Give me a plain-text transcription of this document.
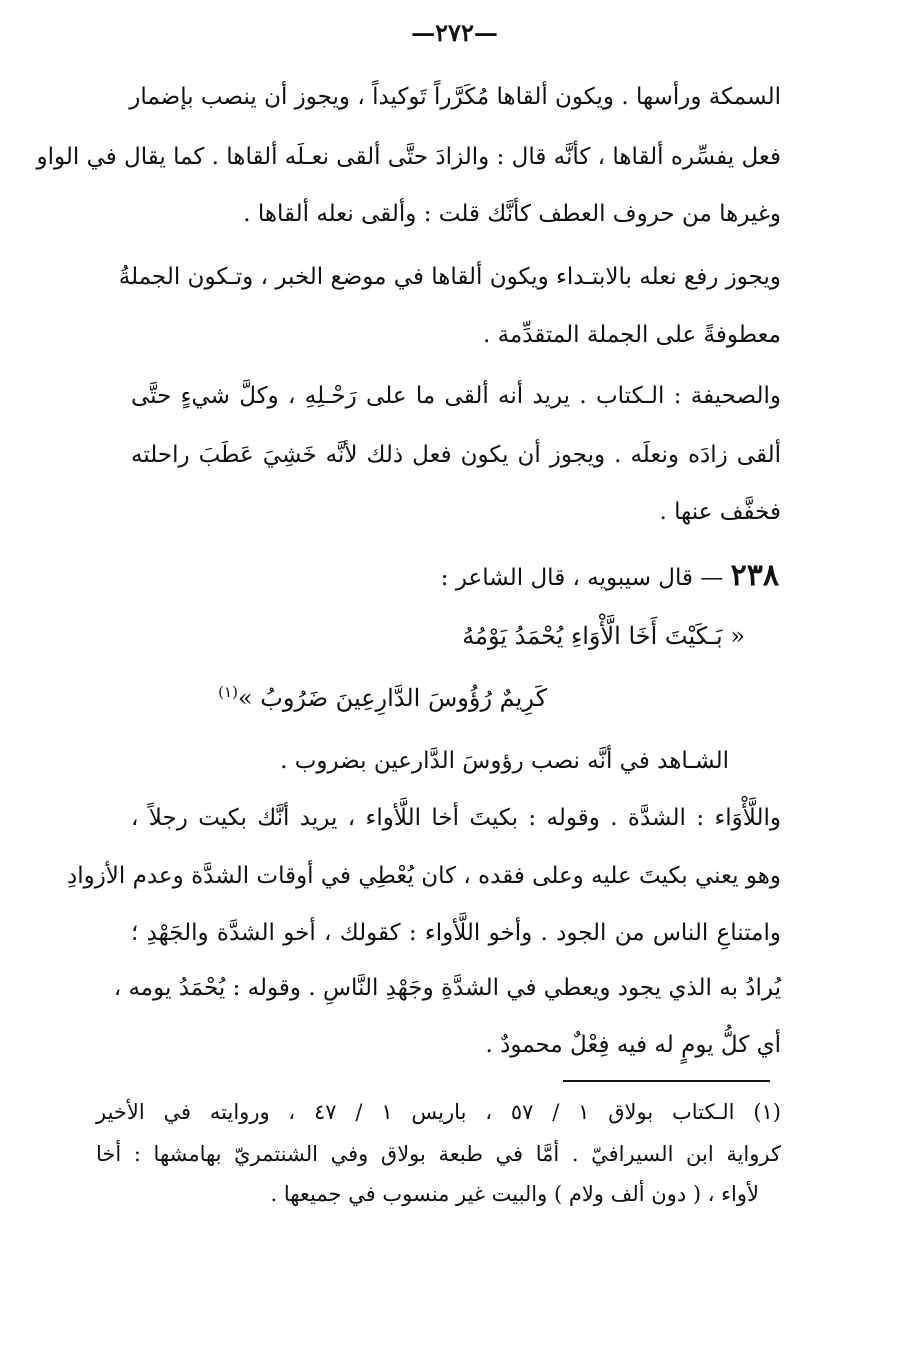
—٢٧٢—
السمكة ورأسها . ويكون ألقاها مُكَرَّراً تَوكيداً ، ويجوز أن ينصب بإضمار
فعل يفسِّره ألقاها ، كأنَّه قال : والزادَ حتَّى ألقى نعـلَه ألقاها . كما يقال في الواو
وغيرها من حروف العطف كأنَّك قلت : وألقى نعله ألقاها .
ويجوز رفع نعله بالابتـداء ويكون ألقاها في موضع الخبر ، وتـكون الجملةُ
معطوفةً على الجملة المتقدِّمة .
والصحيفة : الـكتاب . يريد أنه ألقى ما على رَحْـلِهِ ، وكلَّ شيءٍ حتَّى
ألقى زادَه ونعلَه . ويجوز أن يكون فعل ذلك لأنَّه خَشِيَ عَطَبَ راحلته
فخفَّف عنها .
٢٣٨ — قال سيبويه ، قال الشاعر :
« بَـكَيْتَ أَخَا الَّأْوَاءِ يُحْمَدُ يَوْمُهُ
كَرِيمٌ رُؤُوسَ الدَّارِعِينَ ضَرُوبُ »$^{(١)}$
الشـاهد في أنَّه نصب رؤوسَ الدَّارعين بضروب .
واللَّأْوَاء : الشدَّة . وقوله : بكيتَ أخا اللَّأواء ، يريد أنَّك بكيت رجلاً ،
وهو يعني بكيتَ عليه وعلى فقده ، كان يُعْطِي في أوقات الشدَّة وعدم الأزوادِ
وامتناعِ الناس من الجود . وأخو اللَّأواء : كقولك ، أخو الشدَّة والجَهْدِ ؛
يُرادُ به الذي يجود ويعطي في الشدَّةِ وجَهْدِ النَّاسِ . وقوله : يُحْمَدُ يومه ،
أي كلُّ يومٍ له فيه فِعْلٌ محمودٌ .
(١) الـكتاب بولاق ١ / ٥٧ ، باريس ١ / ٤٧ ، وروايته في الأخير
كرواية ابن السيرافيّ . أمَّا في طبعة بولاق وفي الشنتمريّ بهامشها : أخا
لأواء ، ( دون ألف ولام ) والبيت غير منسوب في جميعها .
